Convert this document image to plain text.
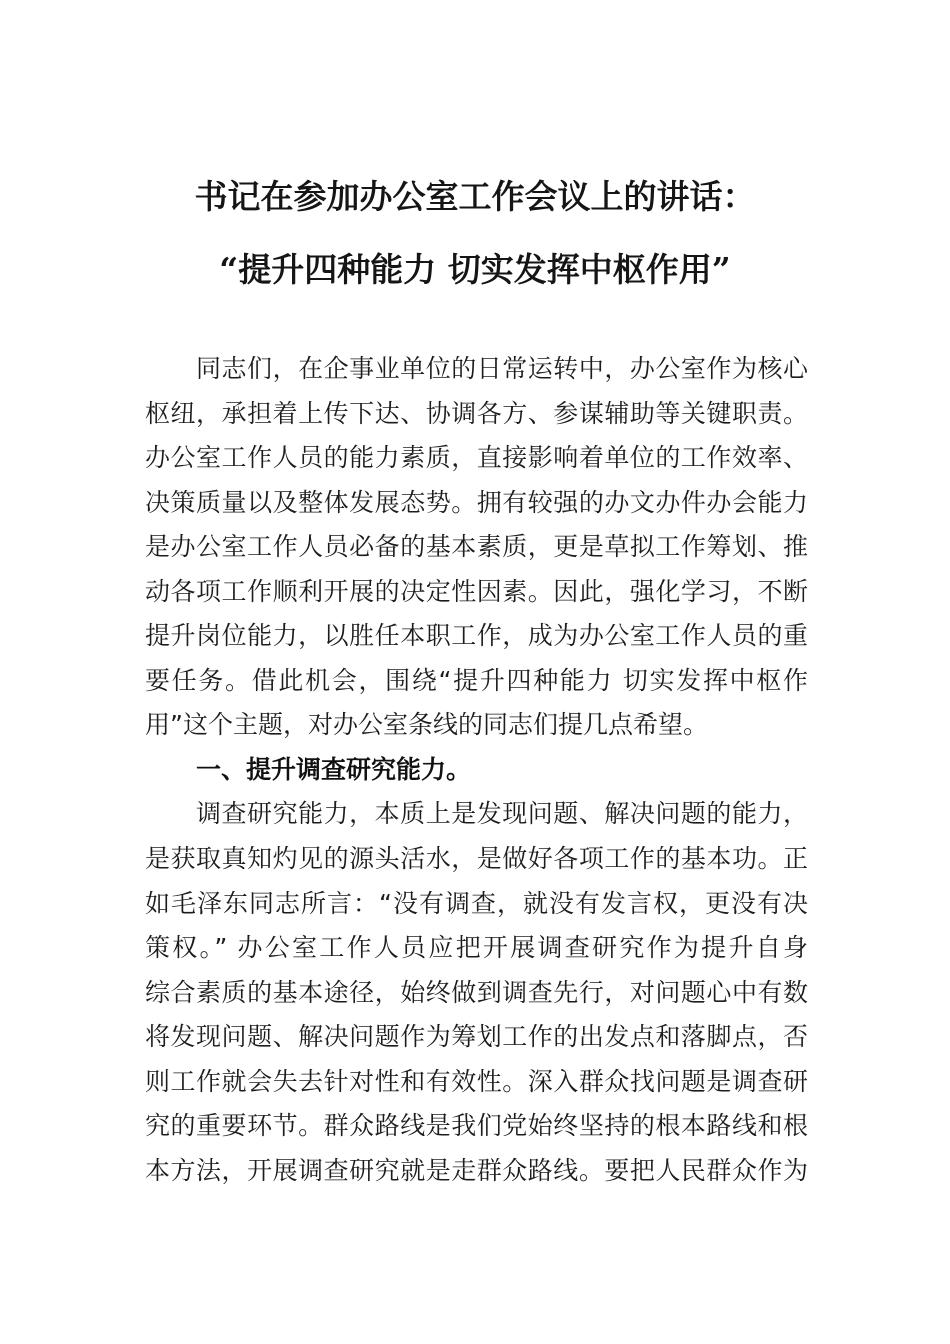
书记在参加办公室工作会议上的讲话：
“提升四种能力 切实发挥中枢作用”
同志们，在企事业单位的日常运转中，办公室作为核心
枢纽，承担着上传下达、协调各方、参谋辅助等关键职责。
办公室工作人员的能力素质，直接影响着单位的工作效率、
决策质量以及整体发展态势。拥有较强的办文办件办会能力
是办公室工作人员必备的基本素质，更是草拟工作筹划、推
动各项工作顺利开展的决定性因素。因此，强化学习，不断
提升岗位能力，以胜任本职工作，成为办公室工作人员的重
要任务。借此机会，围绕“提升四种能力 切实发挥中枢作
用”这个主题，对办公室条线的同志们提几点希望。
一、提升调查研究能力。
调查研究能力，本质上是发现问题、解决问题的能力，
是获取真知灼见的源头活水，是做好各项工作的基本功。正
如毛泽东同志所言：“没有调查，就没有发言权，更没有决
策权。” 办公室工作人员应把开展调查研究作为提升自身
综合素质的基本途径，始终做到调查先行，对问题心中有数
将发现问题、解决问题作为筹划工作的出发点和落脚点，否
则工作就会失去针对性和有效性。深入群众找问题是调查研
究的重要环节。群众路线是我们党始终坚持的根本路线和根
本方法，开展调查研究就是走群众路线。要把人民群众作为
